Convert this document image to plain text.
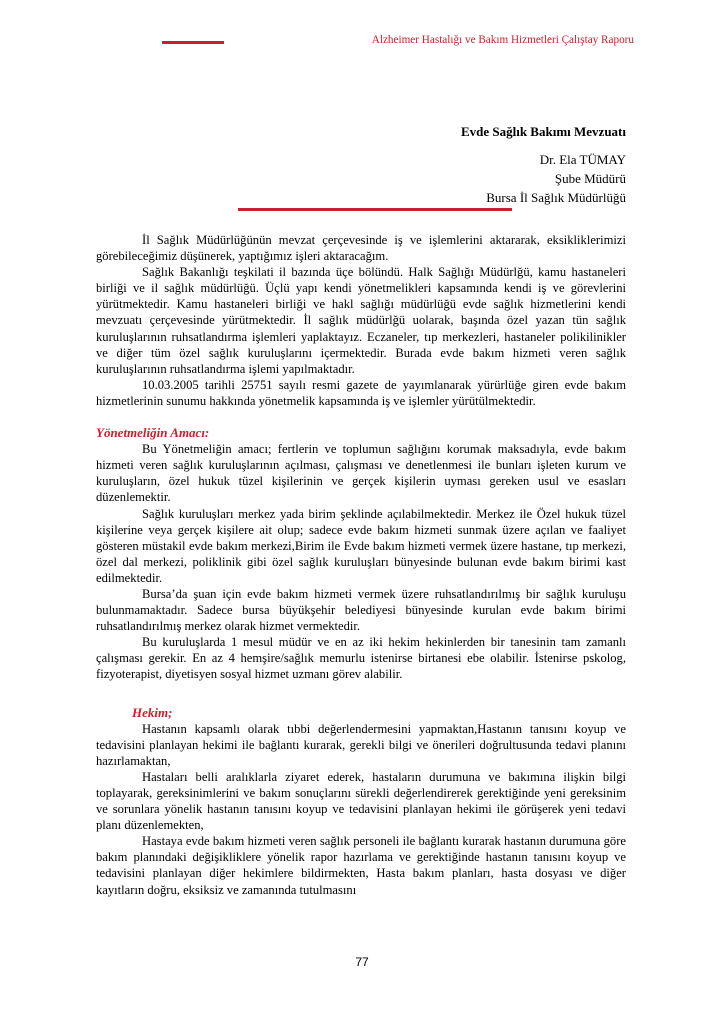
Alzheimer Hastalığı ve Bakım Hizmetleri Çalıştay Raporu
Evde Sağlık Bakımı Mevzuatı
Dr. Ela TÜMAY
Şube Müdürü
Bursa İl Sağlık Müdürlüğü

İl Sağlık Müdürlüğünün mevzat çerçevesinde iş ve işlemlerini aktararak, eksikliklerimizi görebileceğimiz düşünerek, yaptığımız işleri aktaracağım.

Sağlık Bakanlığı teşkilati il bazında üçe bölündü. Halk Sağlığı Müdürlğü, kamu hastaneleri birliği ve il sağlık müdürlüğü. Üçlü yapı kendi yönetmelikleri kapsamında kendi iş ve görevlerini yürütmektedir. Kamu hastaneleri birliği ve hakl sağlığı müdürlüğü evde sağlık hizmetlerini kendi mevzuatı çerçevesinde yürütmektedir. İl sağlık müdürlğü uolarak, başında özel yazan tün sağlık kuruluşlarının ruhsatlandırma işlemleri yaplaktayız. Eczaneler, tıp merkezleri, hastaneler polikilinikler ve diğer tüm özel sağlık kuruluşlarını içermektedir. Burada evde bakım hizmeti veren sağlık kuruluşlarının ruhsatlandırma işlemi yapılmaktadır.

10.03.2005 tarihli 25751 sayılı resmi gazete de yayımlanarak yürürlüğe giren evde bakım hizmetlerinin sunumu hakkında yönetmelik kapsamında iş ve işlemler yürütülmektedir.

Yönetmeliğin Amacı:

Bu Yönetmeliğin amacı; fertlerin ve toplumun sağlığını korumak maksadıyla, evde bakım hizmeti veren sağlık kuruluşlarının açılması, çalışması ve denetlenmesi ile bunları işleten kurum ve kuruluşların, özel hukuk tüzel kişilerinin ve gerçek kişilerin uyması gereken usul ve esasları düzenlemektir.

Sağlık kuruluşları merkez yada birim şeklinde açılabilmektedir. Merkez ile Özel hukuk tüzel kişilerine veya gerçek kişilere ait olup; sadece evde bakım hizmeti sunmak üzere açılan ve faaliyet gösteren müstakil evde bakım merkezi,Birim ile Evde bakım hizmeti vermek üzere hastane, tıp merkezi, özel dal merkezi, poliklinik gibi özel sağlık kuruluşları bünyesinde bulunan evde bakım birimi kast edilmektedir.

Bursa’da şuan için evde bakım hizmeti vermek üzere ruhsatlandırılmış bir sağlık kuruluşu bulunmamaktadır. Sadece bursa büyükşehir belediyesi bünyesinde kurulan evde bakım birimi ruhsatlandırılmış merkez olarak hizmet vermektedir.

Bu kuruluşlarda 1 mesul müdür ve en az iki hekim hekinlerden bir tanesinin tam zamanlı çalışması gerekir. En az 4 hemşire/sağlık memurlu istenirse birtanesi ebe olabilir. İstenirse pskolog, fizyoterapist, diyetisyen sosyal hizmet uzmanı görev alabilir.

Hekim;

Hastanın kapsamlı olarak tıbbi değerlendermesini yapmaktan,Hastanın tanısını koyup ve tedavisini planlayan hekimi ile bağlantı kurarak, gerekli bilgi ve önerileri doğrultusunda tedavi planını hazırlamaktan,

Hastaları belli aralıklarla ziyaret ederek, hastaların durumuna ve bakımına ilişkin bilgi toplayarak, gereksinimlerini ve bakım sonuçlarını sürekli değerlendirerek gerektiğinde yeni gereksinim ve sorunlara yönelik hastanın tanısını koyup ve tedavisini planlayan hekimi ile görüşerek yeni tedavi planı düzenlemekten,

Hastaya evde bakım hizmeti veren sağlık personeli ile bağlantı kurarak hastanın durumuna göre bakım planındaki değişikliklere yönelik rapor hazırlama ve gerektiğinde hastanın tanısını koyup ve tedavisini planlayan diğer hekimlere bildirmekten, Hasta bakım planları, hasta dosyası ve diğer kayıtların doğru, eksiksiz ve zamanında tutulmasını

77
